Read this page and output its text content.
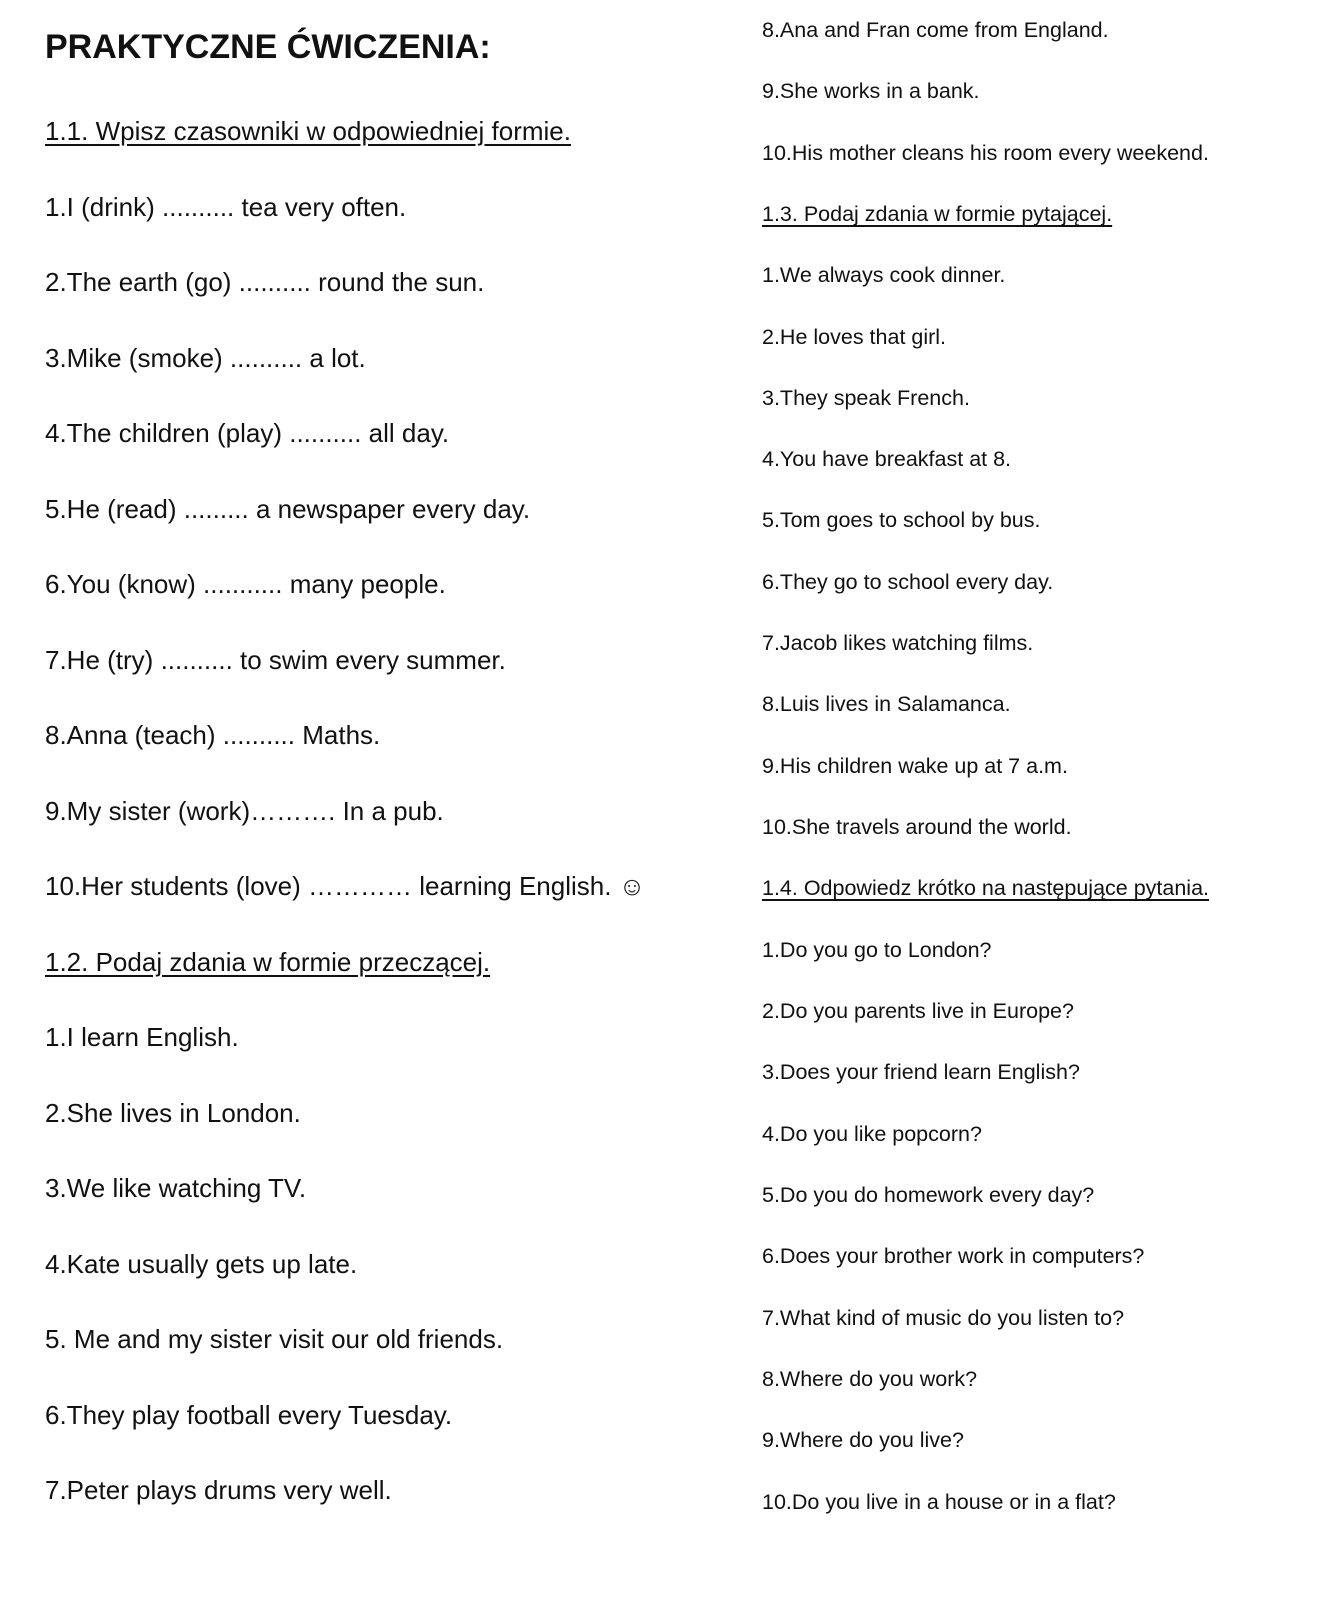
PRAKTYCZNE ĆWICZENIA:
1.1. Wpisz czasowniki w odpowiedniej formie.
1.I (drink) .......... tea very often.
2.The earth (go) .......... round the sun.
3.Mike (smoke) .......... a lot.
4.The children (play) .......... all day.
5.He (read) ......... a newspaper every day.
6.You (know) ........... many people.
7.He (try) .......... to swim every summer.
8.Anna (teach) .......... Maths.
9.My sister (work)………. In a pub.
10.Her students (love) ………… learning English. ☺
1.2. Podaj zdania w formie przeczącej.
1.I learn English.
2.She lives in London.
3.We like watching TV.
4.Kate usually gets up late.
5. Me and my sister visit our old friends.
6.They play football every Tuesday.
7.Peter plays drums very well.
8.Ana and Fran come from England.
9.She works in a bank.
10.His mother cleans his room every weekend.
1.3. Podaj zdania w formie pytającej.
1.We always cook dinner.
2.He loves that girl.
3.They speak French.
4.You have breakfast at 8.
5.Tom goes to school by bus.
6.They go to school every day.
7.Jacob likes watching films.
8.Luis lives in Salamanca.
9.His children wake up at 7 a.m.
10.She travels around the world.
1.4. Odpowiedz krótko na następujące pytania.
1.Do you go to London?
2.Do you parents live in Europe?
3.Does your friend learn English?
4.Do you like popcorn?
5.Do you do homework every day?
6.Does your brother work in computers?
7.What kind of music do you listen to?
8.Where do you work?
9.Where do you live?
10.Do you live in a house or in a flat?
